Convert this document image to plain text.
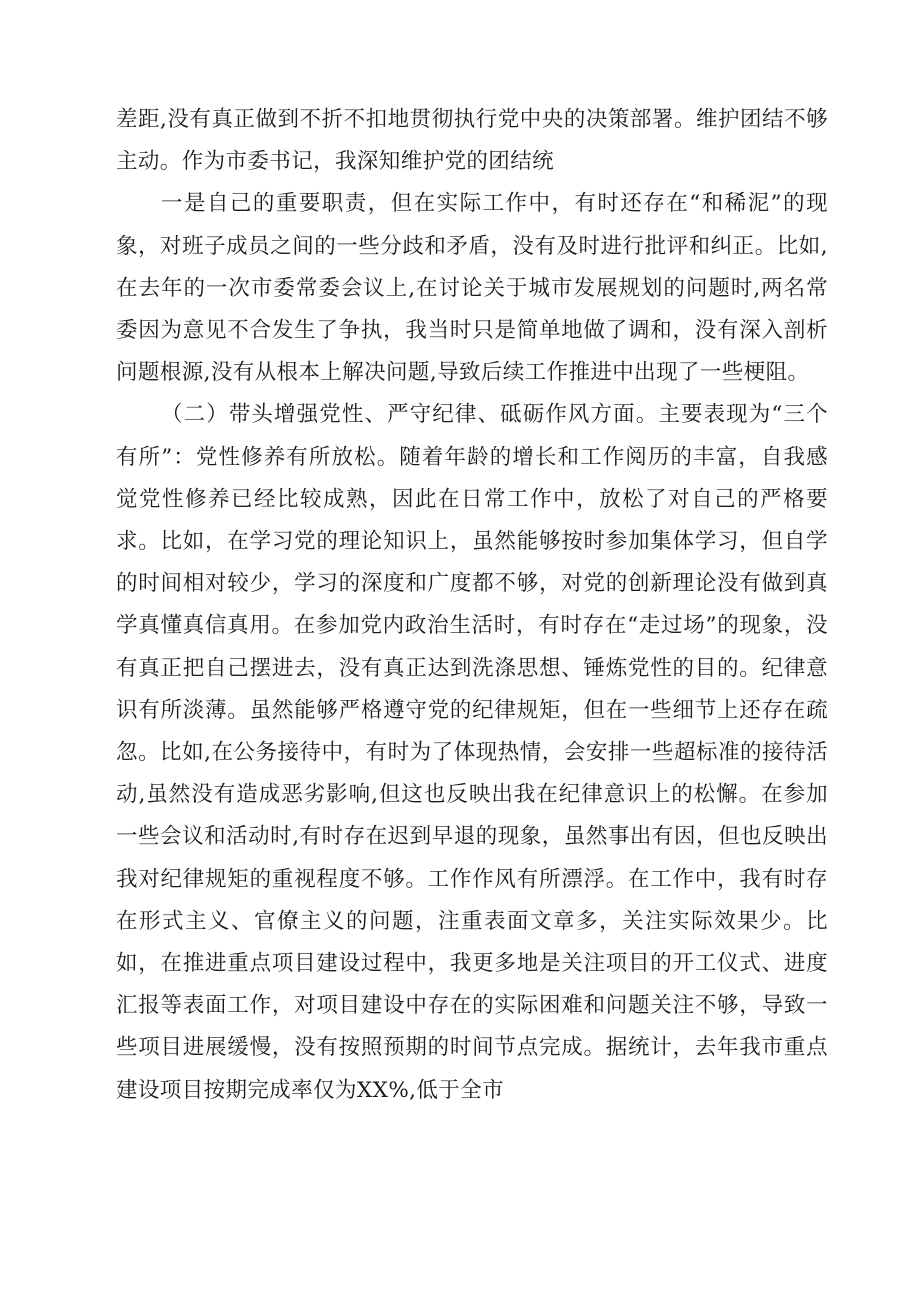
差距,没有真正做到不折不扣地贯彻执行党中央的决策部署。维护团结不够主动。作为市委书记，我深知维护党的团结统

一是自己的重要职责，但在实际工作中，有时还存在“和稀泥”的现象，对班子成员之间的一些分歧和矛盾，没有及时进行批评和纠正。比如,在去年的一次市委常委会议上,在讨论关于城市发展规划的问题时,两名常委因为意见不合发生了争执，我当时只是简单地做了调和，没有深入剖析问题根源,没有从根本上解决问题,导致后续工作推进中出现了一些梗阻。

（二）带头增强党性、严守纪律、砥砺作风方面。主要表现为“三个有所”：党性修养有所放松。随着年龄的增长和工作阅历的丰富，自我感觉党性修养已经比较成熟，因此在日常工作中，放松了对自己的严格要求。比如，在学习党的理论知识上，虽然能够按时参加集体学习，但自学的时间相对较少，学习的深度和广度都不够，对党的创新理论没有做到真学真懂真信真用。在参加党内政治生活时，有时存在“走过场”的现象，没有真正把自己摆进去，没有真正达到洗涤思想、锤炼党性的目的。纪律意识有所淡薄。虽然能够严格遵守党的纪律规矩，但在一些细节上还存在疏忽。比如,在公务接待中，有时为了体现热情，会安排一些超标准的接待活动,虽然没有造成恶劣影响,但这也反映出我在纪律意识上的松懈。在参加一些会议和活动时,有时存在迟到早退的现象，虽然事出有因，但也反映出我对纪律规矩的重视程度不够。工作作风有所漂浮。在工作中，我有时存在形式主义、官僚主义的问题，注重表面文章多，关注实际效果少。比如，在推进重点项目建设过程中，我更多地是关注项目的开工仪式、进度汇报等表面工作，对项目建设中存在的实际困难和问题关注不够，导致一些项目进展缓慢，没有按照预期的时间节点完成。据统计，去年我市重点建设项目按期完成率仅为XX%,低于全市
